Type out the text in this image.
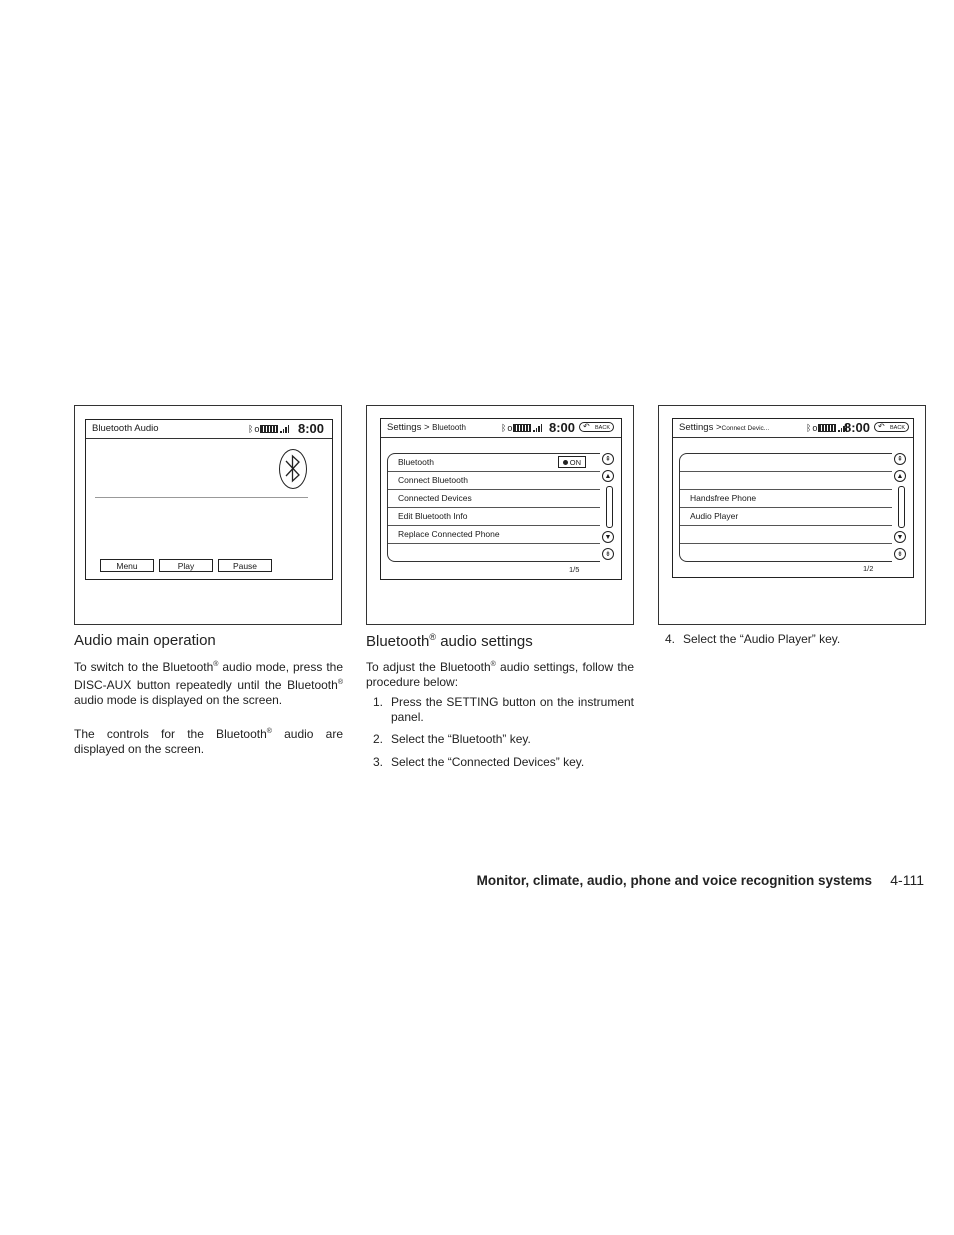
Bluetooth Audio	ᛒ o	8:00
Menu	Play	Pause
Settings > Bluetooth	ᛒ o	8:00	↶ BACK
Bluetooth	ON
Connect Bluetooth
Connected Devices
Edit Bluetooth Info
Replace Connected Phone
⇞
▲
▼
⇟
1/5
Settings >Connect Devic...	ᛒ o 8:00	↶ BACK
Handsfree Phone
Audio Player
⇞
▲
▼
⇟
1/2
Audio main operation

To switch to the Bluetooth® audio mode, press the DISC-AUX button repeatedly until the Bluetooth® audio mode is displayed on the screen.

The controls for the Bluetooth® audio are displayed on the screen.

Bluetooth® audio settings

To adjust the Bluetooth® audio settings, follow the procedure below:

1. Press the SETTING button on the instrument panel.
2. Select the “Bluetooth” key.
3. Select the “Connected Devices” key.
4. Select the “Audio Player” key.
Monitor, climate, audio, phone and voice recognition systems 4-111
